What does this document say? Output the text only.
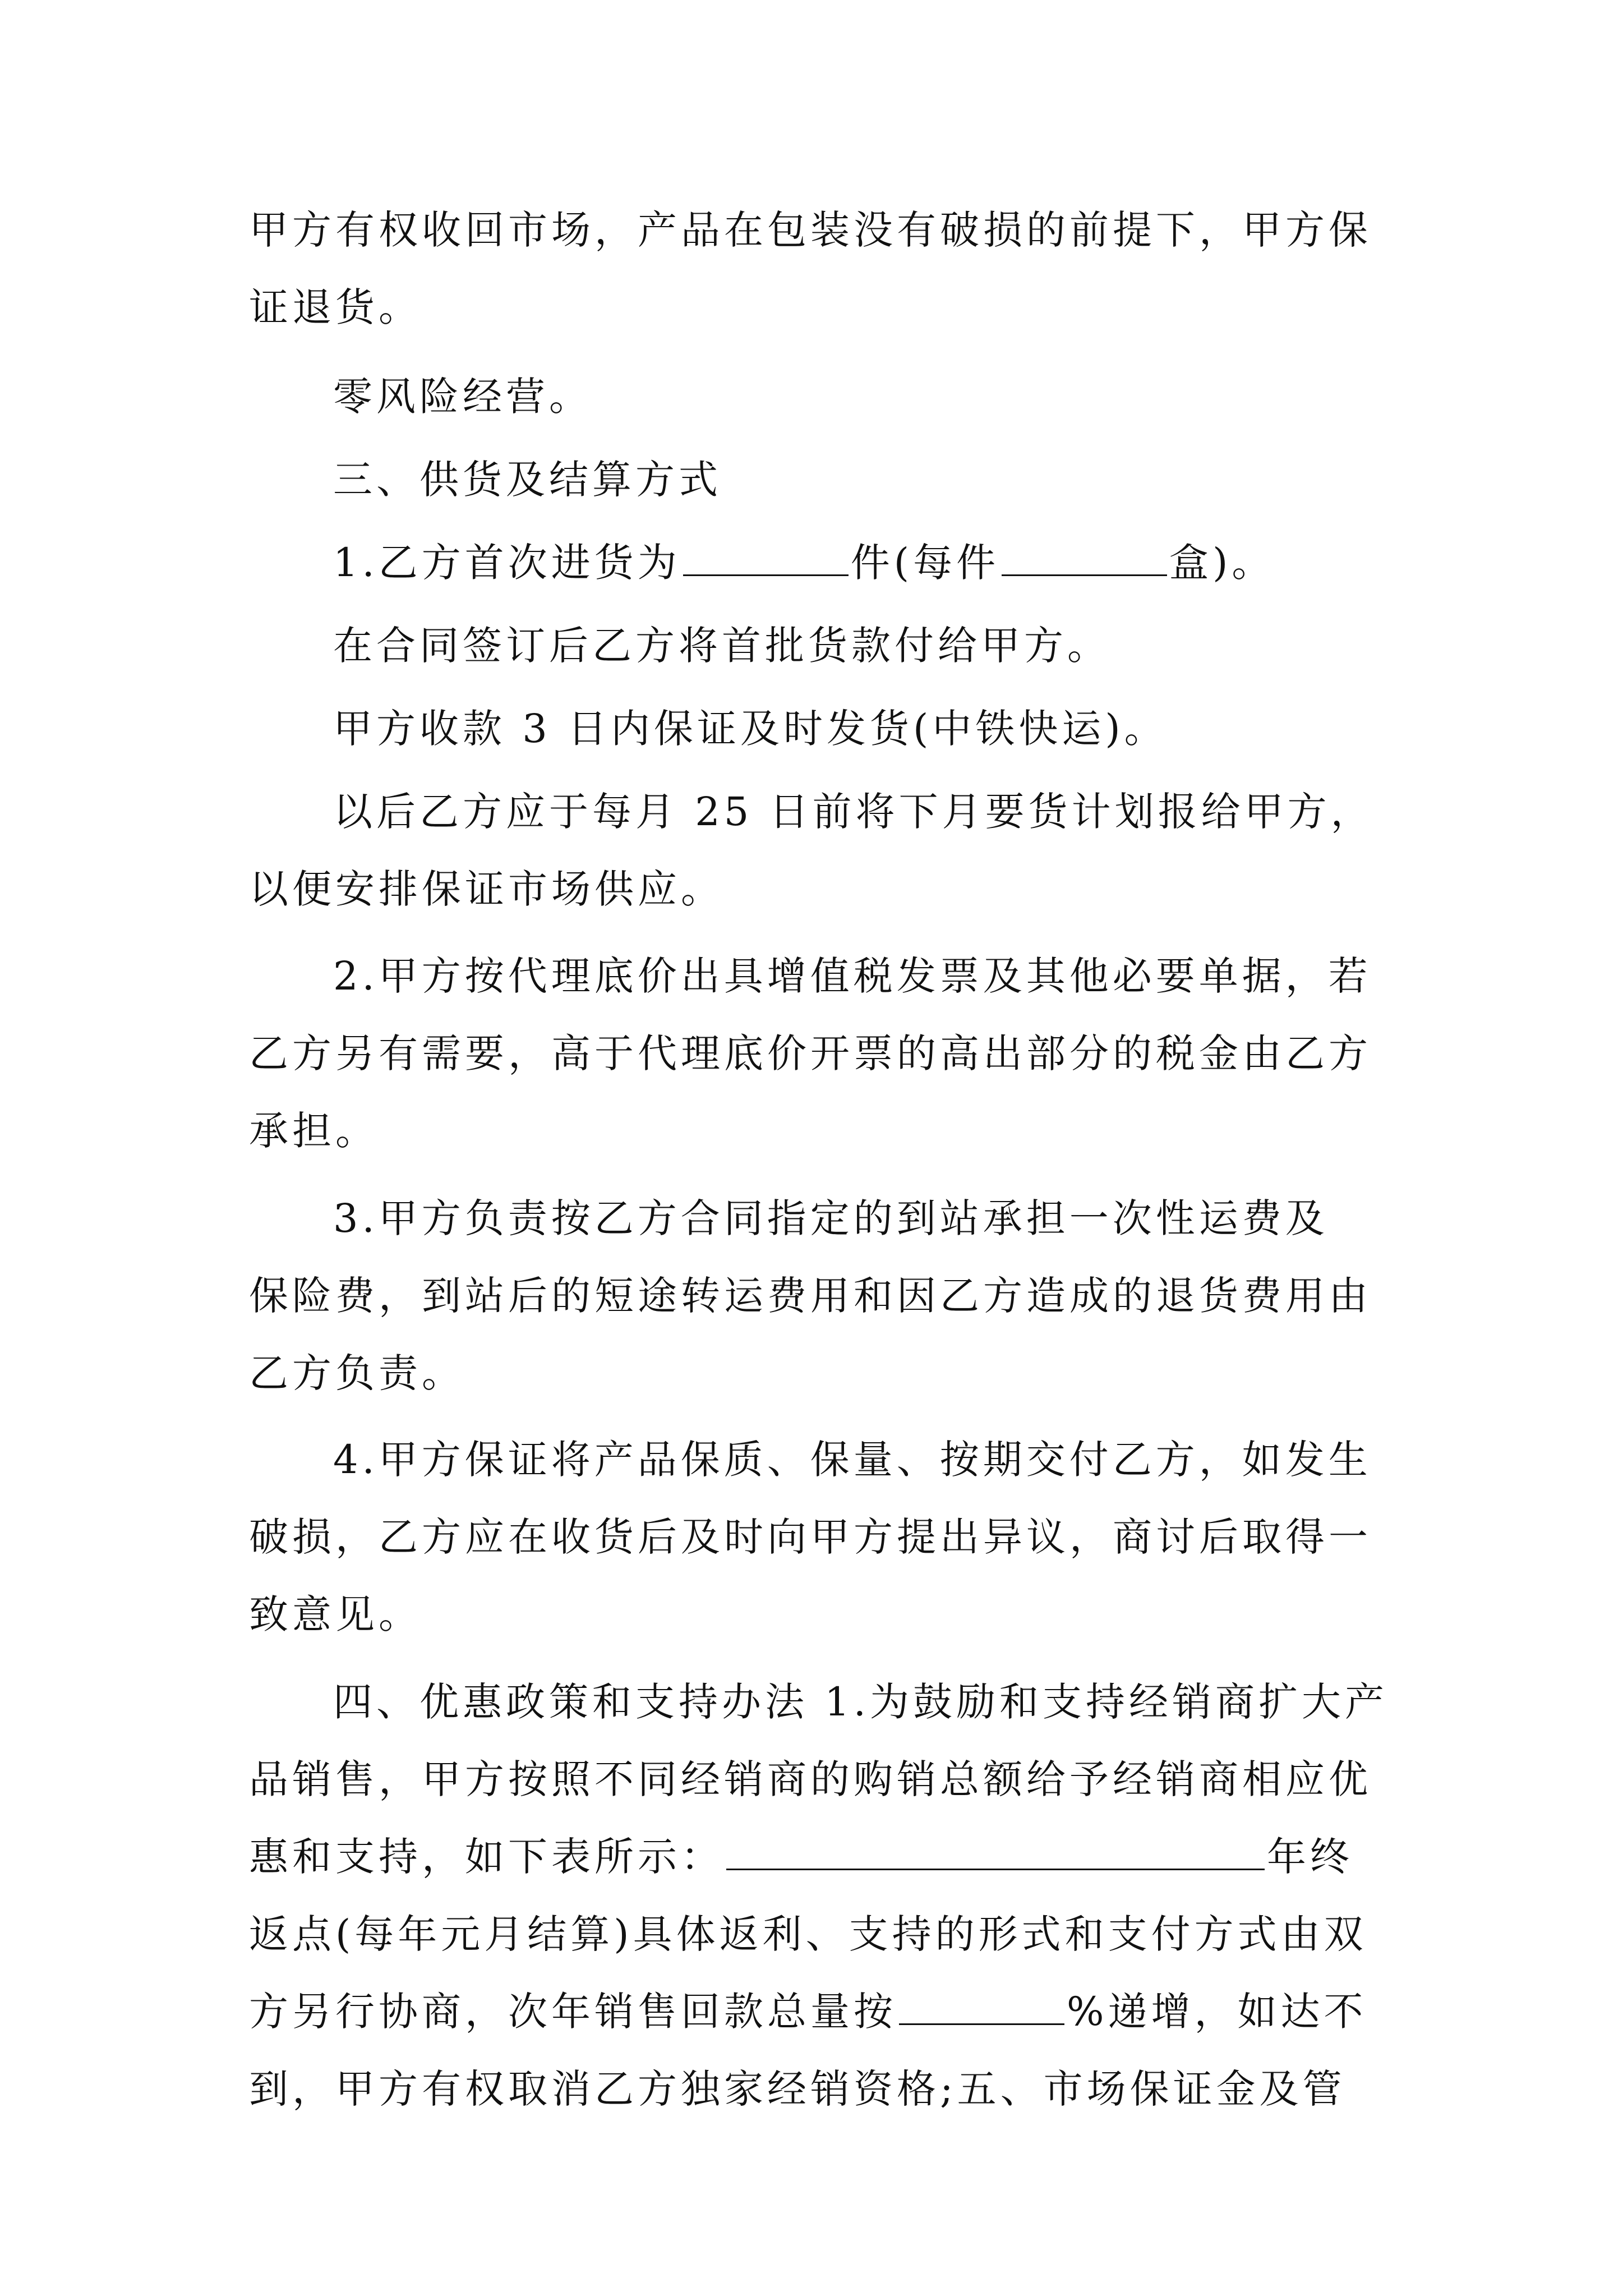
甲方有权收回市场，产品在包装没有破损的前提下，甲方保
证退货。
零风险经营。
三、供货及结算方式
1.乙方首次进货为	件(每件	盒)。
在合同签订后乙方将首批货款付给甲方。
甲方收款 3 日内保证及时发货(中铁快运)。
以后乙方应于每月 25 日前将下月要货计划报给甲方，
以便安排保证市场供应。
2.甲方按代理底价出具增值税发票及其他必要单据，若
乙方另有需要，高于代理底价开票的高出部分的税金由乙方
承担。
3.甲方负责按乙方合同指定的到站承担一次性运费及
保险费，到站后的短途转运费用和因乙方造成的退货费用由
乙方负责。
4.甲方保证将产品保质、保量、按期交付乙方，如发生
破损，乙方应在收货后及时向甲方提出异议，商讨后取得一
致意见。
四、优惠政策和支持办法 1.为鼓励和支持经销商扩大产
品销售，甲方按照不同经销商的购销总额给予经销商相应优
惠和支持，如下表所示：	年终
返点(每年元月结算)具体返利、支持的形式和支付方式由双
方另行协商，次年销售回款总量按	%递增，如达不
到，甲方有权取消乙方独家经销资格;五、市场保证金及管
